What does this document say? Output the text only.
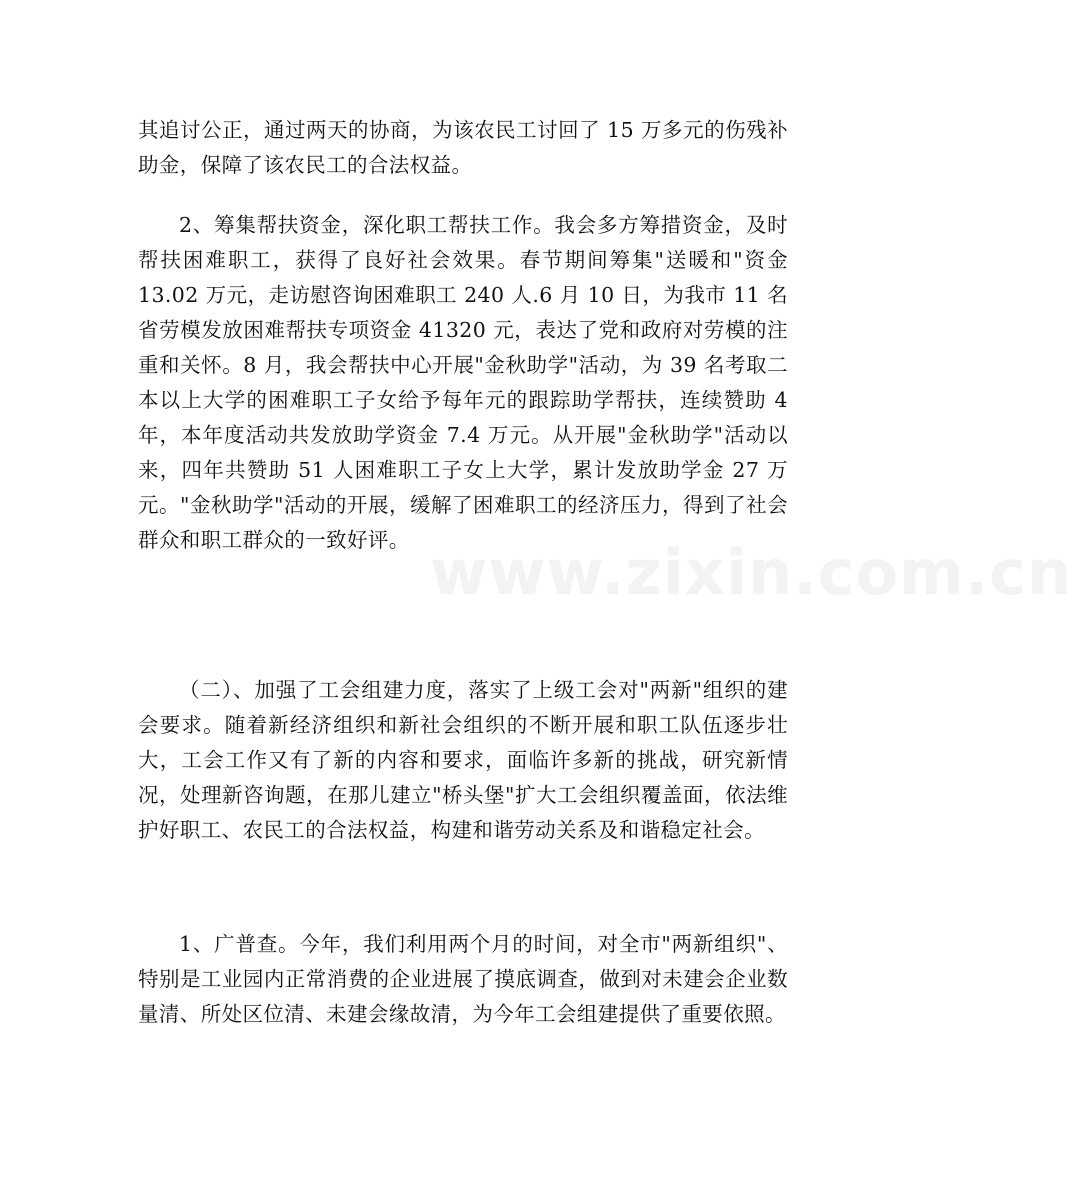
其追讨公正，通过两天的协商，为该农民工讨回了 15 万多元的伤残补助金，保障了该农民工的合法权益。

2、筹集帮扶资金，深化职工帮扶工作。我会多方筹措资金，及时帮扶困难职工，获得了良好社会效果。春节期间筹集"送暖和"资金 13.02 万元，走访慰咨询困难职工 240 人.6 月 10 日，为我市 11 名省劳模发放困难帮扶专项资金 41320 元，表达了党和政府对劳模的注重和关怀。8 月，我会帮扶中心开展"金秋助学"活动，为 39 名考取二本以上大学的困难职工子女给予每年元的跟踪助学帮扶，连续赞助 4 年，本年度活动共发放助学资金 7.4 万元。从开展"金秋助学"活动以来，四年共赞助 51 人困难职工子女上大学，累计发放助学金 27 万元。"金秋助学"活动的开展，缓解了困难职工的经济压力，得到了社会群众和职工群众的一致好评。

（二）、加强了工会组建力度，落实了上级工会对"两新"组织的建会要求。随着新经济组织和新社会组织的不断开展和职工队伍逐步壮大，工会工作又有了新的内容和要求，面临许多新的挑战，研究新情况，处理新咨询题，在那儿建立"桥头堡"扩大工会组织覆盖面，依法维护好职工、农民工的合法权益，构建和谐劳动关系及和谐稳定社会。

1、广普查。今年，我们利用两个月的时间，对全市"两新组织"、特别是工业园内正常消费的企业进展了摸底调查，做到对未建会企业数量清、所处区位清、未建会缘故清，为今年工会组建提供了重要依照。

www.zixin.com.cn
